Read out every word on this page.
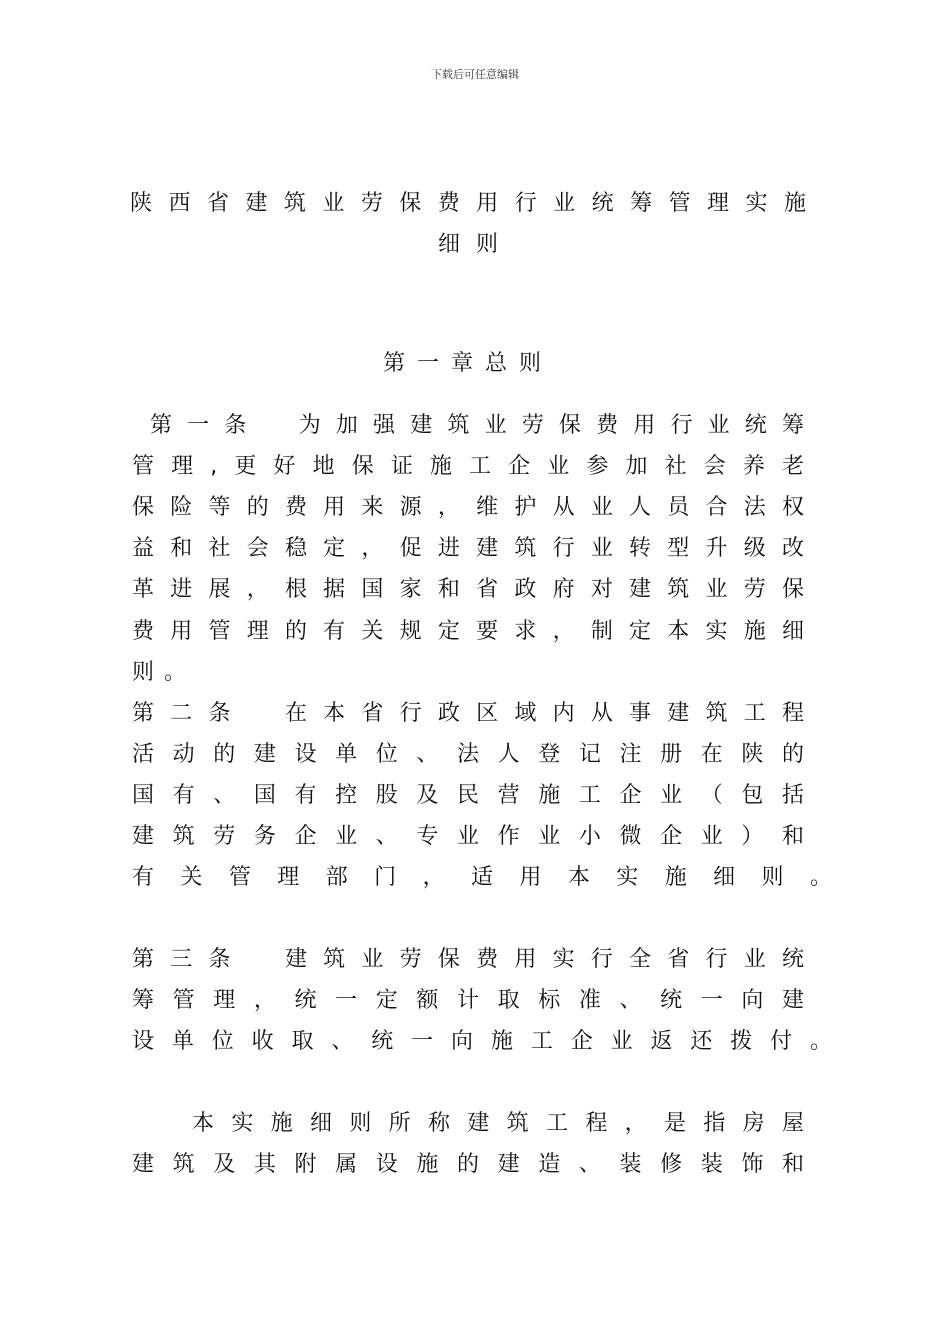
下载后可任意编辑
陕西省建筑业劳保费用行业统筹管理实施
细则
第一章总则
第一条　为加强建筑业劳保费用行业统筹
管理,更好地保证施工企业参加社会养老
保险等的费用来源，维护从业人员合法权
益和社会稳定，促进建筑行业转型升级改
革进展，根据国家和省政府对建筑业劳保
费用管理的有关规定要求，制定本实施细
则。
第二条　在本省行政区域内从事建筑工程
活动的建设单位、法人登记注册在陕的
国有、国有控股及民营施工企业（包括
建筑劳务企业、专业作业小微企业）和
有关管理部门，适用本实施细则。
第三条　建筑业劳保费用实行全省行业统
筹管理，统一定额计取标准、统一向建
设单位收取、统一向施工企业返还拨付。
本实施细则所称建筑工程，是指房屋
建筑及其附属设施的建造、装修装饰和
